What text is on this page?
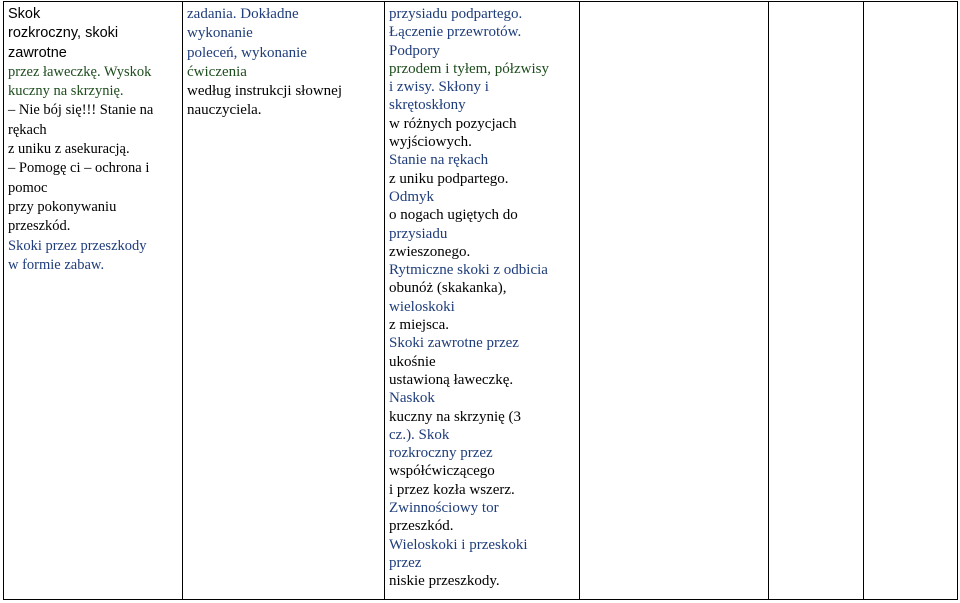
Skok
rozkroczny, skoki
zawrotne
przez ławeczkę. Wyskok
kuczny na skrzynię.
– Nie bój się!!! Stanie na
rękach
z uniku z asekuracją.
– Pomogę ci – ochrona i
pomoc
przy pokonywaniu
przeszkód.
Skoki przez przeszkody
w formie zabaw.

zadania. Dokładne
wykonanie
poleceń, wykonanie
ćwiczenia
według instrukcji słownej
nauczyciela.

przysiadu podpartego.
Łączenie przewrotów.
Podpory
przodem i tyłem, półzwisy
i zwisy. Skłony i
skrętoskłony
w różnych pozycjach
wyjściowych.
Stanie na rękach
z uniku podpartego.
Odmyk
o nogach ugiętych do
przysiadu
zwieszonego.
Rytmiczne skoki z odbicia
obunóż (skakanka),
wieloskoki
z miejsca.
Skoki zawrotne przez
ukośnie
ustawioną ławeczkę.
Naskok
kuczny na skrzynię (3
cz.). Skok
rozkroczny przez
współćwiczącego
i przez kozła wszerz.
Zwinnościowy tor
przeszkód.
Wieloskoki i przeskoki
przez
niskie przeszkody.
